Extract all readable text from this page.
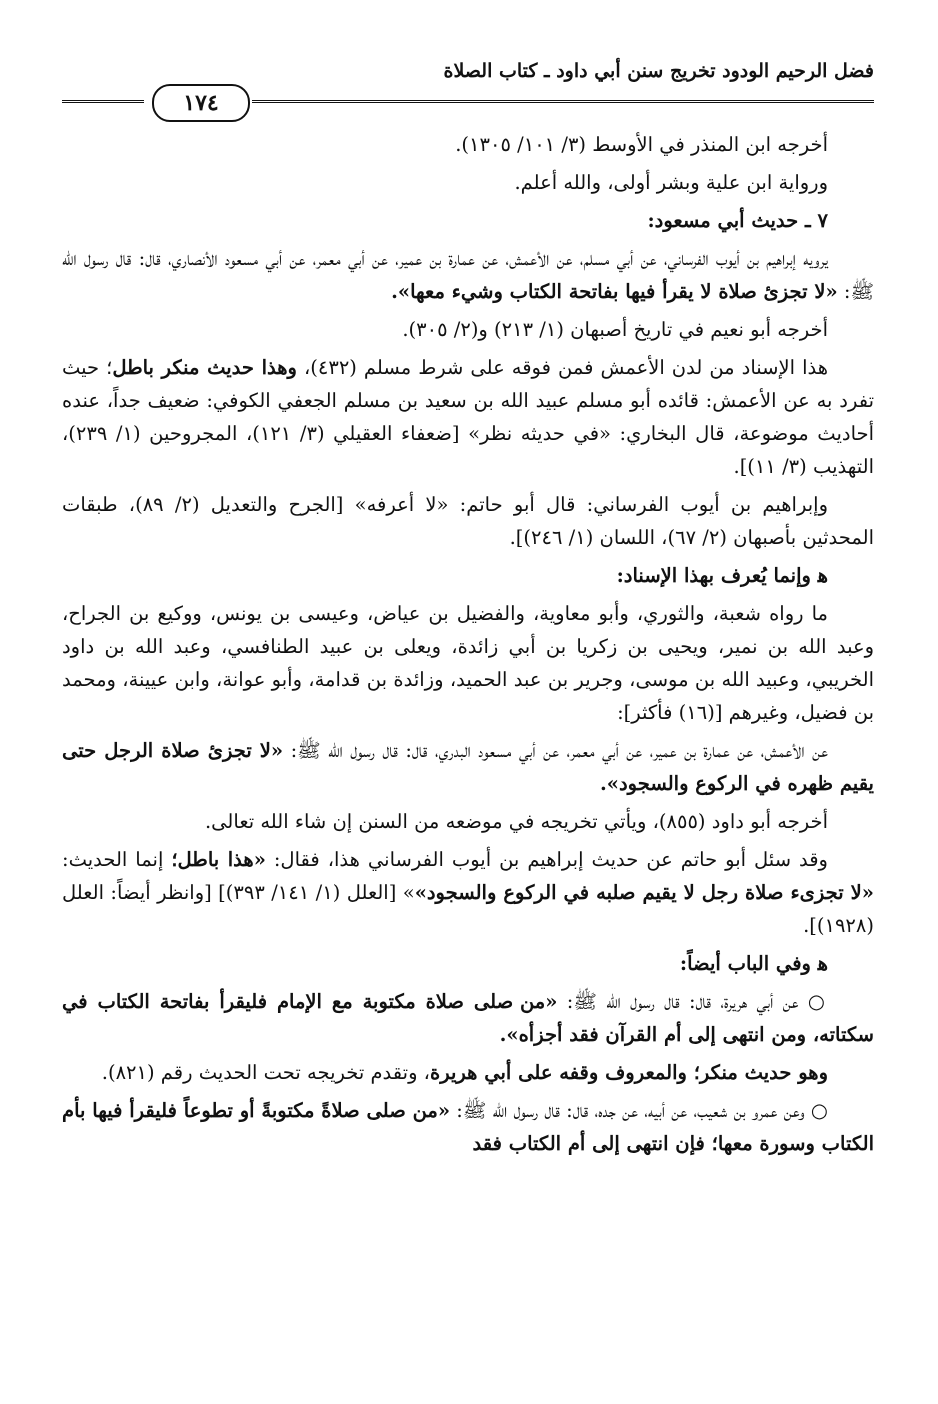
فضل الرحيم الودود تخريج سنن أبي داود ـ كتاب الصلاة
١٧٤

أخرجه ابن المنذر في الأوسط (٣/ ١٠١/ ١٣٠٥).

ورواية ابن علية وبشر أولى، والله أعلم.

٧ ـ حديث أبي مسعود:

يرويه إبراهيم بن أيوب الفرساني، عن أبي مسلم، عن الأعمش، عن عمارة بن عمير، عن أبي معمر، عن أبي مسعود الأنصاري، قال: قال رسول الله ﷺ: «لا تجزئ صلاة لا يقرأ فيها بفاتحة الكتاب وشيء معها».

أخرجه أبو نعيم في تاريخ أصبهان (١/ ٢١٣) و(٢/ ٣٠٥).

هذا الإسناد من لدن الأعمش فمن فوقه على شرط مسلم (٤٣٢)، وهذا حديث منكر باطل؛ حيث تفرد به عن الأعمش: قائده أبو مسلم عبيد الله بن سعيد بن مسلم الجعفي الكوفي: ضعيف جداً، عنده أحاديث موضوعة، قال البخاري: «في حديثه نظر» [ضعفاء العقيلي (٣/ ١٢١)، المجروحين (١/ ٢٣٩)، التهذيب (٣/ ١١)].

وإبراهيم بن أيوب الفرساني: قال أبو حاتم: «لا أعرفه» [الجرح والتعديل (٢/ ٨٩)، طبقات المحدثين بأصبهان (٢/ ٦٧)، اللسان (١/ ٢٤٦)].

ﻫ وإنما يُعرف بهذا الإسناد:

ما رواه شعبة، والثوري، وأبو معاوية، والفضيل بن عياض، وعيسى بن يونس، ووكيع بن الجراح، وعبد الله بن نمير، ويحيى بن زكريا بن أبي زائدة، ويعلى بن عبيد الطنافسي، وعبد الله بن داود الخريبي، وعبيد الله بن موسى، وجرير بن عبد الحميد، وزائدة بن قدامة، وأبو عوانة، وابن عيينة، ومحمد بن فضيل، وغيرهم [(١٦) فأكثر]:

عن الأعمش، عن عمارة بن عمير، عن أبي معمر، عن أبي مسعود البدري، قال: قال رسول الله ﷺ: «لا تجزئ صلاة الرجل حتى يقيم ظهره في الركوع والسجود».

أخرجه أبو داود (٨٥٥)، ويأتي تخريجه في موضعه من السنن إن شاء الله تعالى.

وقد سئل أبو حاتم عن حديث إبراهيم بن أيوب الفرساني هذا، فقال: «هذا باطل؛ إنما الحديث: «لا تجزىء صلاة رجل لا يقيم صلبه في الركوع والسجود»» [العلل (١/ ١٤١/ ٣٩٣)] [وانظر أيضاً: العلل (١٩٢٨)].

ﻫ وفي الباب أيضاً:

○ عن أبي هريرة، قال: قال رسول الله ﷺ: «من صلى صلاة مكتوبة مع الإمام فليقرأ بفاتحة الكتاب في سكتاته، ومن انتهى إلى أم القرآن فقد أجزأه».

وهو حديث منكر؛ والمعروف وقفه على أبي هريرة، وتقدم تخريجه تحت الحديث رقم (٨٢١).

○ وعن عمرو بن شعيب، عن أبيه، عن جده، قال: قال رسول الله ﷺ: «من صلى صلاةً مكتوبةً أو تطوعاً فليقرأ فيها بأم الكتاب وسورة معها؛ فإن انتهى إلى أم الكتاب فقد
